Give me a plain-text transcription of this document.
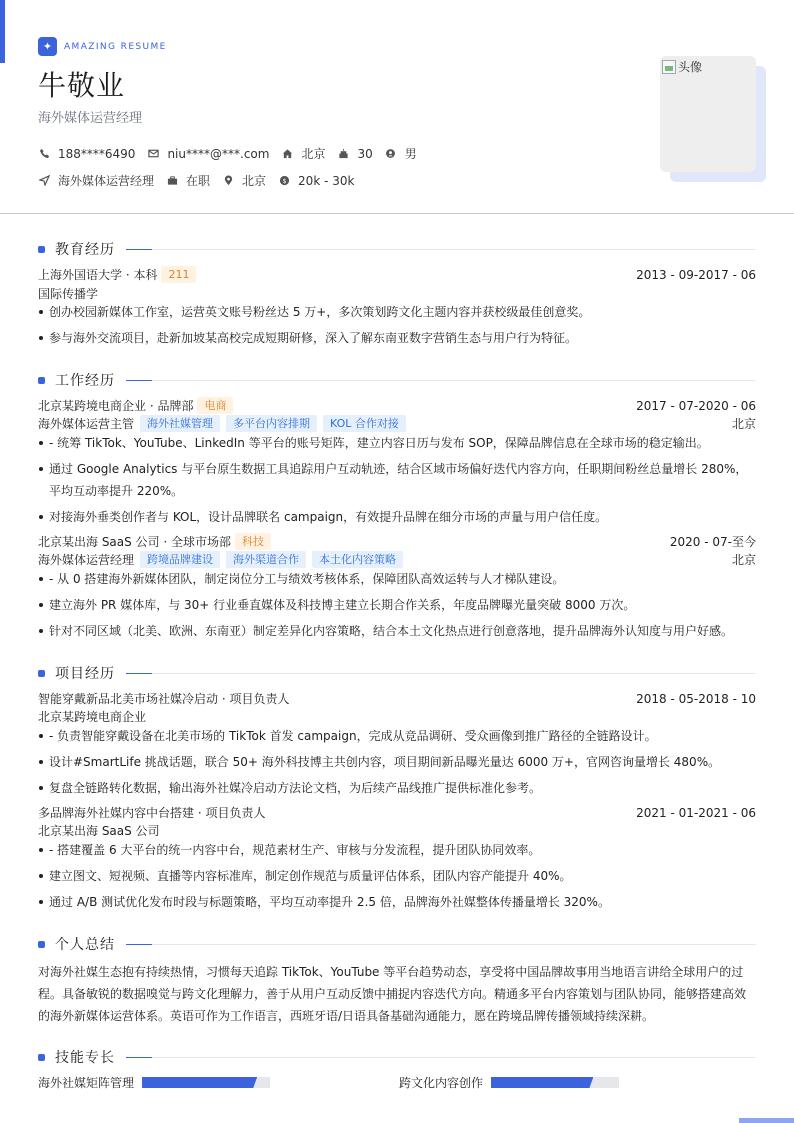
✦	AMAZING RESUME
牛敬业
海外媒体运营经理
188****6490	niu****@***.com	北京	30	男
海外媒体运营经理	在职	北京 $ 20k - 30k
头像
教育经历
上海外国语大学 · 本科	211	2013 - 09-2017 - 06
国际传播学
创办校园新媒体工作室，运营英文账号粉丝达 5 万+，多次策划跨文化主题内容并获校级最佳创意奖。
参与海外交流项目，赴新加坡某高校完成短期研修，深入了解东南亚数字营销生态与用户行为特征。
工作经历
北京某跨境电商企业 · 品牌部	电商	2017 - 07-2020 - 06
海外媒体运营主管	海外社媒管理	多平台内容排期	KOL 合作对接	北京
- 统筹 TikTok、YouTube、LinkedIn 等平台的账号矩阵，建立内容日历与发布 SOP，保障品牌信息在全球市场的稳定输出。
通过 Google Analytics 与平台原生数据工具追踪用户互动轨迹，结合区域市场偏好迭代内容方向，任职期间粉丝总量增长 280%，平均互动率提升 220%。
对接海外垂类创作者与 KOL，设计品牌联名 campaign，有效提升品牌在细分市场的声量与用户信任度。
北京某出海 SaaS 公司 · 全球市场部	科技	2020 - 07-至今
海外媒体运营经理	跨境品牌建设	海外渠道合作	本土化内容策略	北京
- 从 0 搭建海外新媒体团队，制定岗位分工与绩效考核体系，保障团队高效运转与人才梯队建设。
建立海外 PR 媒体库，与 30+ 行业垂直媒体及科技博主建立长期合作关系，年度品牌曝光量突破 8000 万次。
针对不同区域（北美、欧洲、东南亚）制定差异化内容策略，结合本土文化热点进行创意落地，提升品牌海外认知度与用户好感。
项目经历
智能穿戴新品北美市场社媒冷启动 · 项目负责人	2018 - 05-2018 - 10
北京某跨境电商企业
- 负责智能穿戴设备在北美市场的 TikTok 首发 campaign，完成从竞品调研、受众画像到推广路径的全链路设计。
设计#SmartLife 挑战话题，联合 50+ 海外科技博主共创内容，项目期间新品曝光量达 6000 万+，官网咨询量增长 480%。
复盘全链路转化数据，输出海外社媒冷启动方法论文档，为后续产品线推广提供标准化参考。
多品牌海外社媒内容中台搭建 · 项目负责人	2021 - 01-2021 - 06
北京某出海 SaaS 公司
- 搭建覆盖 6 大平台的统一内容中台，规范素材生产、审核与分发流程，提升团队协同效率。
建立图文、短视频、直播等内容标准库，制定创作规范与质量评估体系，团队内容产能提升 40%。
通过 A/B 测试优化发布时段与标题策略，平均互动率提升 2.5 倍，品牌海外社媒整体传播量增长 320%。
个人总结
对海外社媒生态抱有持续热情，习惯每天追踪 TikTok、YouTube 等平台趋势动态，享受将中国品牌故事用当地语言讲给全球用户的过程。具备敏锐的数据嗅觉与跨文化理解力，善于从用户互动反馈中捕捉内容迭代方向。精通多平台内容策划与团队协同，能够搭建高效的海外新媒体运营体系。英语可作为工作语言，西班牙语/日语具备基础沟通能力，愿在跨境品牌传播领域持续深耕。
技能专长
海外社媒矩阵管理	跨文化内容创作
